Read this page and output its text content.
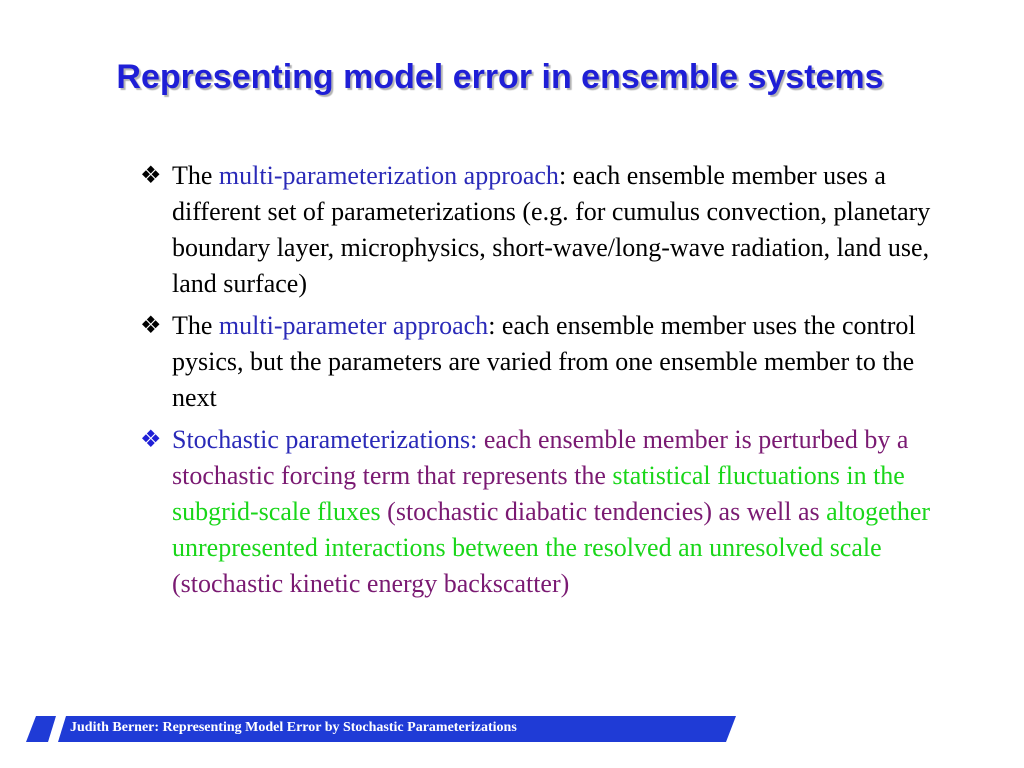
Representing model error in ensemble systems
❖ The multi-parameterization approach: each ensemble member uses a different set of parameterizations (e.g. for cumulus convection, planetary boundary layer, microphysics, short-wave/long-wave radiation, land use, land surface)
❖ The multi-parameter approach: each ensemble member uses the control pysics, but the parameters are varied from one ensemble member to the next
❖ Stochastic parameterizations: each ensemble member is perturbed by a stochastic forcing term that represents the statistical fluctuations in the subgrid-scale fluxes (stochastic diabatic tendencies) as well as altogether unrepresented interactions between the resolved an unresolved scale (stochastic kinetic energy backscatter)
Judith Berner: Representing Model Error by Stochastic Parameterizations
